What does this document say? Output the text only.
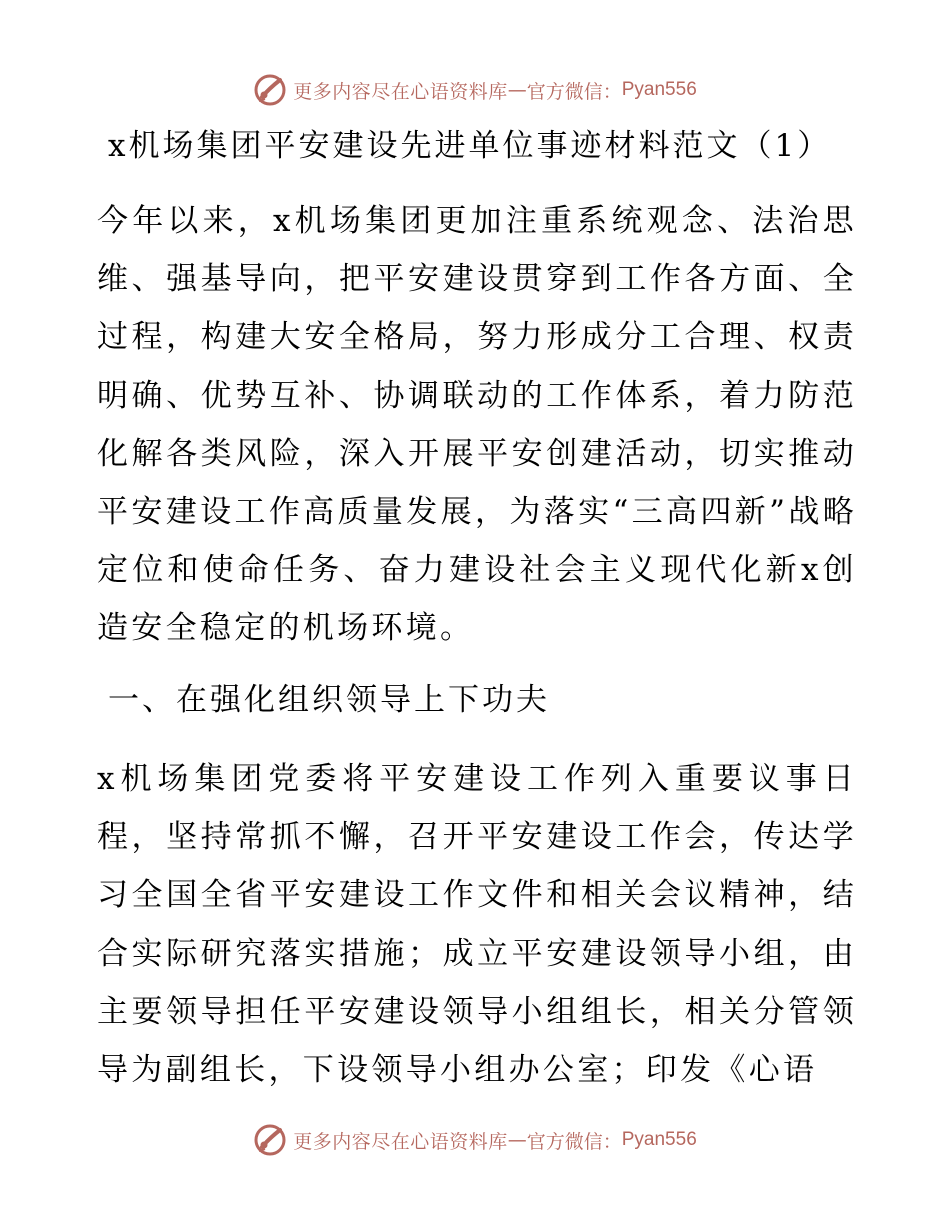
更多内容尽在心语资料库 — 官方微信： Pyan556
x机场集团平安建设先进单位事迹材料范文（1）

今年以来，x机场集团更加注重系统观念、法治思维、强基导向，把平安建设贯穿到工作各方面、全过程，构建大安全格局，努力形成分工合理、权责明确、优势互补、协调联动的工作体系，着力防范化解各类风险，深入开展平安创建活动，切实推动平安建设工作高质量发展，为落实“三高四新”战略定位和使命任务、奋力建设社会主义现代化新x创造安全稳定的机场环境。

一、在强化组织领导上下功夫

x机场集团党委将平安建设工作列入重要议事日程，坚持常抓不懈，召开平安建设工作会，传达学习全国全省平安建设工作文件和相关会议精神，结合实际研究落实措施；成立平安建设领导小组，由主要领导担任平安建设领导小组组长，相关分管领导为副组长，下设领导小组办公室；印发《心语

更多内容尽在心语资料库 — 官方微信： Pyan556
